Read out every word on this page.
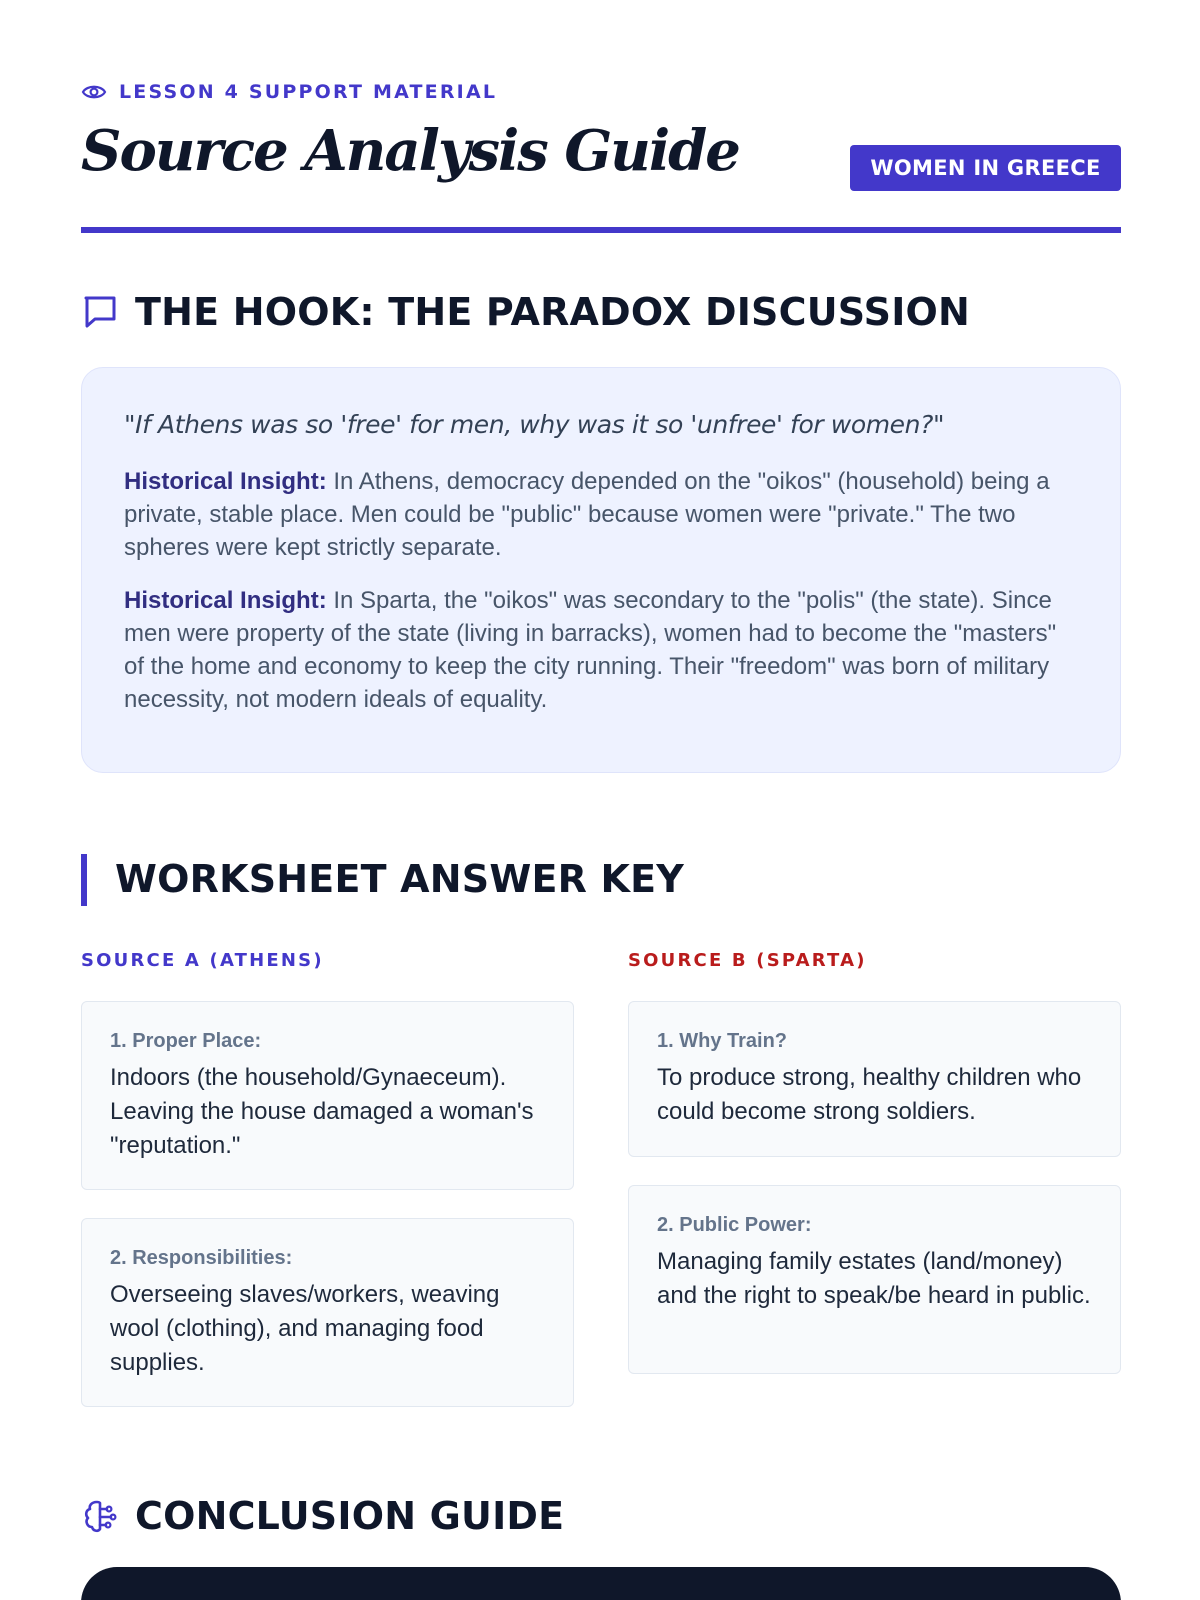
LESSON 4 SUPPORT MATERIAL
Source Analysis Guide	WOMEN IN GREECE
THE HOOK: THE PARADOX DISCUSSION

"If Athens was so 'free' for men, why was it so 'unfree' for women?"

Historical Insight: In Athens, democracy depended on the "oikos" (household) being a private, stable place. Men could be "public" because women were "private." The two spheres were kept strictly separate.

Historical Insight: In Sparta, the "oikos" was secondary to the "polis" (the state). Since men were property of the state (living in barracks), women had to become the "masters" of the home and economy to keep the city running. Their "freedom" was born of military necessity, not modern ideals of equality.

WORKSHEET ANSWER KEY
SOURCE A (ATHENS)	SOURCE B (SPARTA)
1. Proper Place:
Indoors (the household/Gynaeceum). Leaving the house damaged a woman's "reputation."
2. Responsibilities:
Overseeing slaves/workers, weaving wool (clothing), and managing food supplies.
1. Why Train?
To produce strong, healthy children who could become strong soldiers.
2. Public Power:
Managing family estates (land/money) and the right to speak/be heard in public.
CONCLUSION GUIDE
